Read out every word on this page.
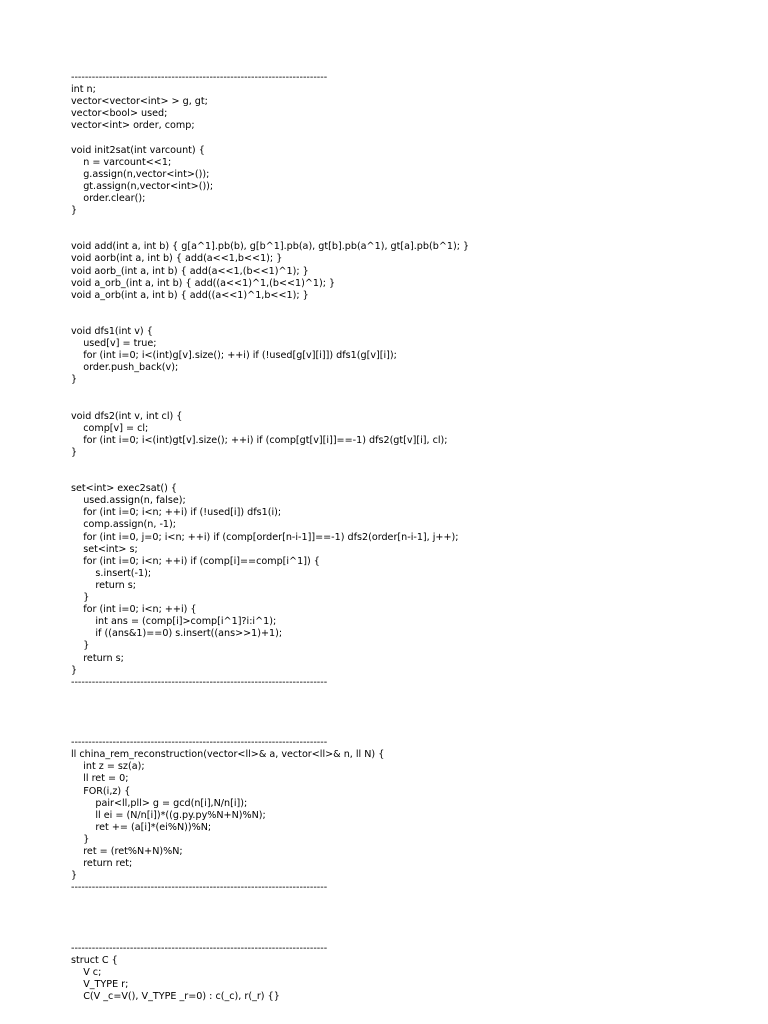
--------------------------------------------------------------------------
int n;
vector<vector<int> > g, gt;
vector<bool> used;
vector<int> order, comp;
void init2sat(int varcount) {
n = varcount<<1;
g.assign(n,vector<int>());
gt.assign(n,vector<int>());
order.clear();
}
void add(int a, int b) { g[a^1].pb(b), g[b^1].pb(a), gt[b].pb(a^1), gt[a].pb(b^1); }
void aorb(int a, int b) { add(a<<1,b<<1); }
void aorb_(int a, int b) { add(a<<1,(b<<1)^1); }
void a_orb_(int a, int b) { add((a<<1)^1,(b<<1)^1); }
void a_orb(int a, int b) { add((a<<1)^1,b<<1); }
void dfs1(int v) {
used[v] = true;
for (int i=0; i<(int)g[v].size(); ++i) if (!used[g[v][i]]) dfs1(g[v][i]);
order.push_back(v);
}
void dfs2(int v, int cl) {
comp[v] = cl;
for (int i=0; i<(int)gt[v].size(); ++i) if (comp[gt[v][i]]==-1) dfs2(gt[v][i], cl);
}
set<int> exec2sat() {
used.assign(n, false);
for (int i=0; i<n; ++i) if (!used[i]) dfs1(i);
comp.assign(n, -1);
for (int i=0, j=0; i<n; ++i) if (comp[order[n-i-1]]==-1) dfs2(order[n-i-1], j++);
set<int> s;
for (int i=0; i<n; ++i) if (comp[i]==comp[i^1]) {
s.insert(-1);
return s;
}
for (int i=0; i<n; ++i) {
int ans = (comp[i]>comp[i^1]?i:i^1);
if ((ans&1)==0) s.insert((ans>>1)+1);
}
return s;
}
--------------------------------------------------------------------------
--------------------------------------------------------------------------
ll china_rem_reconstruction(vector<ll>& a, vector<ll>& n, ll N) {
int z = sz(a);
ll ret = 0;
FOR(i,z) {
pair<ll,pll> g = gcd(n[i],N/n[i]);
ll ei = (N/n[i])*((g.py.py%N+N)%N);
ret += (a[i]*(ei%N))%N;
}
ret = (ret%N+N)%N;
return ret;
}
--------------------------------------------------------------------------
--------------------------------------------------------------------------
struct C {
V c;
V_TYPE r;
C(V _c=V(), V_TYPE _r=0) : c(_c), r(_r) {}
